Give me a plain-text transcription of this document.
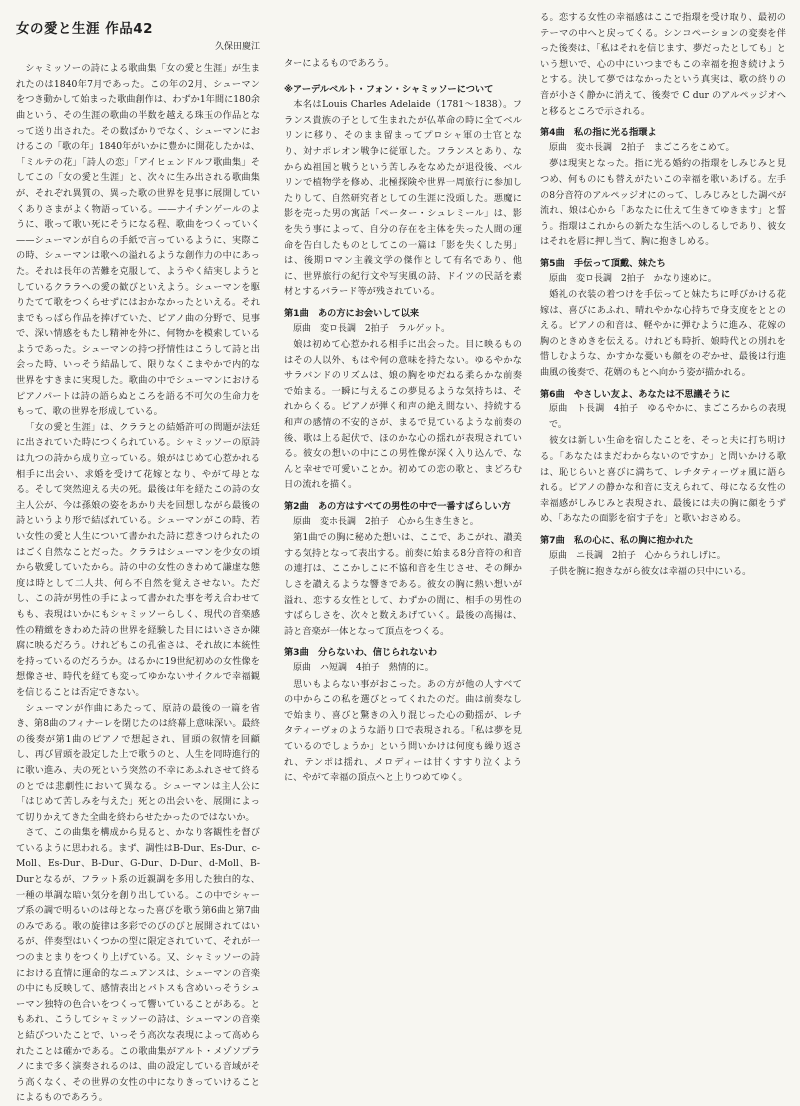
女の愛と生涯 作品42
久保田慶江

シャミッソーの詩による歌曲集「女の愛と生涯」が生まれたのは1840年7月であった。この年の2月、シューマンをつき動かして始まった歌曲創作は、わずか1年間に180余曲という、その生涯の歌曲の半数を越える珠玉の作品となって送り出された。その数ばかりでなく、シューマンにおけるこの「歌の年」1840年がいかに豊かに開花したかは、「ミルテの花」「詩人の恋」「アイヒェンドルフ歌曲集」そしてこの「女の愛と生涯」と、次々に生み出される歌曲集が、それぞれ異質の、異った歌の世界を見事に展開していくありさまがよく物語っている。——ナイチンゲールのように、歌って歌い死にそうになる程、歌曲をつくっていく——シューマンが自らの手紙で言っているように、実際この時、シューマンは歌への溢れるような創作力の中にあった。それは長年の苦難を克服して、ようやく結実しようとしているクララへの愛の歓びといえよう。シューマンを駆りたてて歌をつくらせずにはおかなかったといえる。それまでもっぱら作品を捧げていた、ピアノ曲の分野で、見事で、深い情感をもたし精神を外に、何物かを模索しているようであった。シューマンの持つ抒情性はこうして詩と出会った時、いっそう結晶して、限りなくこまやかで内的な世界をすきまに実現した。歌曲の中でシューマンにおけるピアノパートは詩の語らぬところを語る不可欠の生命力をもって、歌の世界を形成している。

「女の愛と生涯」は、クララとの結婚許可の問題が法廷に出されていた時につくられている。シャミッソーの原詩は九つの詩から成り立っている。娘がはじめて心惹かれる相手に出会い、求婚を受けて花嫁となり、やがて母となる。そして突然迎える夫の死。最後は年を経たこの詩の女主人公が、今は孫娘の姿をあかり夫を回想しながら最後の詩というより形で結ばれている。シューマンがこの時、若い女性の愛と人生について書かれた詩に惹きつけられたのはごく自然なことだった。クララはシューマンを少女の頃から敬愛していたから。詩の中の女性のきわめて謙虚な態度は時として二人共、何ら不自然を覚えさせない。ただし、この詩が男性の手によって書かれた事を考え合わせてもも、表現はいかにもシャミッソーらしく、現代の音楽感性の精緻をきわめた詩の世界を経験した目にはいささか陳腐に映るだろう。けれどもこの孔雀さは、それ故に本統性を持っているのだろうか。はるかに19世紀初めの女性像を想像させ、時代を経ても変ってゆかないサイクルで幸福観を信じることは否定できない。

シューマンが作曲にあたって、原詩の最後の一篇を省き、第8曲のフィナーレを閉じたのは終幕上意味深い。最終の後奏が第1曲のピアノで想起され、冒頭の叙情を回顧し、再び冒頭を設定した上で歌うのと、人生を同時進行的に歌い進み、夫の死という突然の不幸にあふれさせて終るのとでは悲劇性において異なる。シューマンは主人公に「はじめて苦しみを与えた」死との出会いを、展開によって切りかえてきた全曲を終わらせたかったのではないか。

さて、この曲集を構成から見ると、かなり客観性を督びているように思われる。まず、調性はB-Dur、Es-Dur、c-Moll、Es-Dur、B-Dur、G-Dur、D-Dur、d-Moll、B-Durとなるが、フラット系の近親調を多用した独白的な、一種の単調な暗い気分を創り出している。この中でシャープ系の調で明るいのは母となった喜びを歌う第6曲と第7曲のみである。歌の旋律は多彩でのびのびと展開されてはいるが、伴奏型はいくつかの型に限定されていて、それが一つのまとまりをつくり上げている。又、シャミッソーの詩における直情に運命的なニュアンスは、シューマンの音楽の中にも反映して、感情表出とパトスも含めいっそうシューマン独特の色合いをつくって響いていることがある。ともあれ、こうしてシャミッソーの詩は、シューマンの音楽と結びついたことで、いっそう高次な表現によって高められたことは確かである。この歌曲集がアルト・メゾソプラノにまで多く演奏されるのは、曲の設定している音域がそう高くなく、その世界の女性の中になりきっていけることによるものであろう。

ターによるものであろう。

※アーデルベルト・フォン・シャミッソーについて

本名はLouis Charles Adelaide（1781〜1838）。フランス貴族の子として生まれたが仏革命の時に全てベルリンに移り、そのまま留まってプロシャ軍の士官となり、対ナポレオン戦争に従軍した。フランスとあり、なからぬ祖国と戦うという苦しみをなめたが退役後、ベルリンで植物学を修め、北極探険や世界一周旅行に参加したりして、自然研究者としての生涯に没頭した。悪魔に影を売った男の寓話「ペーター・シュレミール」は、影を失う事によって、自分の存在を主体を失った人間の運命を告白したものとしてこの一篇は「影を失くした男」は、後期ロマン主義文学の傑作として有名であり、他に、世界旅行の紀行文や写実風の詩、ドイツの民話を素材とするバラード等が残されている。

第1曲　あの方にお会いして以来
原曲　変ロ長調　2拍子　ラルゲット。

娘は初めて心惹かれる相手に出会った。目に映るものはその人以外、もはや何の意味を持たない。ゆるやかなサラバンドのリズムは、娘の胸をゆだねる柔らかな前奏で始まる。一瞬に与えるこの夢見るような気持ちは、それからくる。ピアノが弾く和声の絶え間ない、持続する和声の感情の不安的さが、まるで見ているような前奏の後、歌は上る起伏で、ほのかな心の揺れが表現されている。彼女の想いの中にこの男性像が深く入り込んで、なんと幸せで可愛いことか。初めての恋の歌と、まどろむ日の流れを描く。

第2曲　あの方はすべての男性の中で一番すばらしい方
原曲　変ホ長調　2拍子　心から生き生きと。

第1曲での胸に秘めた想いは、ここで、あこがれ、讃美する気持となって表出する。前奏に始まる8分音符の和音の連打は、ここかしこに不協和音を生じさせ、その輝かしさを讃えるような響きである。彼女の胸に熱い想いが溢れ、恋する女性として、わずかの間に、相手の男性のすばらしさを、次々と数えあげていく。最後の高揚は、詩と音楽が一体となって頂点をつくる。

第3曲　分らないわ、信じられないわ
原曲　ハ短調　4拍子　熱情的に。

思いもよらない事がおこった。あの方が他の人すべての中からこの私を選びとってくれたのだ。曲は前奏なしで始まり、喜びと驚きの入り混じった心の動揺が、レチタティーヴォのような語り口で表現される。「私は夢を見ているのでしょうか」という問いかけは何度も繰り返され、テンポは揺れ、メロディーは甘くすすり泣くように、やがて幸福の頂点へと上りつめてゆく。

る。恋する女性の幸福感はここで指環を受け取り、最初のテーマの中へと戻ってくる。シンコペーションの変奏を伴った後奏は、「私はそれを信じます、夢だったとしても」という想いで、心の中にいつまでもこの幸福を抱き続けようとする。決して夢ではなかったという真実は、歌の終りの音が小さく静かに消えて、後奏で C dur のアルペッジオへと移るところで示される。

第4曲　私の指に光る指環よ
原曲　変ホ長調　2拍子　まごころをこめて。

夢は現実となった。指に光る婚約の指環をしみじみと見つめ、何ものにも替えがたいこの幸福を歌いあげる。左手の8分音符のアルペッジオにのって、しみじみとした調べが流れ、娘は心から「あなたに仕えて生きてゆきます」と誓う。指環はこれからの新たな生活へのしるしであり、彼女はそれを唇に押し当て、胸に抱きしめる。

第5曲　手伝って頂戴、妹たち
原曲　変ロ長調　2拍子　かなり速めに。

婚礼の衣装の着つけを手伝ってと妹たちに呼びかける花嫁は、喜びにあふれ、晴れやかな心持ちで身支度をととのえる。ピアノの和音は、軽やかに弾むように進み、花嫁の胸のときめきを伝える。けれども時折、娘時代との別れを惜しむような、かすかな憂いも顔をのぞかせ、最後は行進曲風の後奏で、花婿のもとへ向かう姿が描かれる。

第6曲　やさしい友よ、あなたは不思議そうに
原曲　ト長調　4拍子　ゆるやかに、まごころからの表現で。

彼女は新しい生命を宿したことを、そっと夫に打ち明ける。「あなたはまだわからないのですか」と問いかける歌は、恥じらいと喜びに満ちて、レチタティーヴォ風に語られる。ピアノの静かな和音に支えられて、母になる女性の幸福感がしみじみと表現され、最後には夫の胸に顔をうずめ、「あなたの面影を宿す子を」と歌いおさめる。

第7曲　私の心に、私の胸に抱かれた
原曲　ニ長調　2拍子　心からうれしげに。

子供を腕に抱きながら彼女は幸福の只中にいる。
